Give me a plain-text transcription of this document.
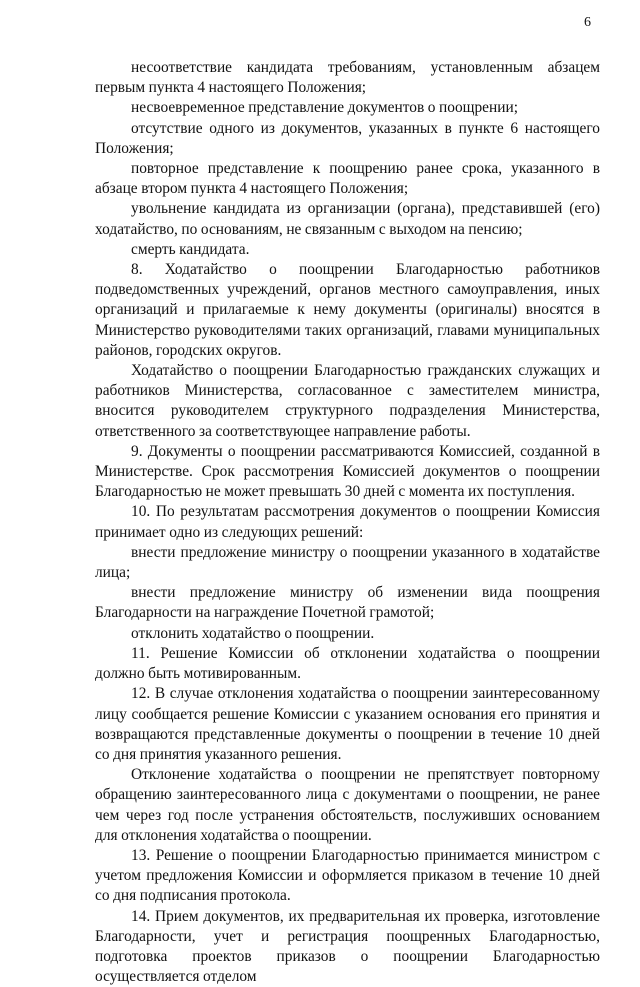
6

несоответствие кандидата требованиям, установленным абзацем первым пункта 4 настоящего Положения;

несвоевременное представление документов о поощрении;

отсутствие одного из документов, указанных в пункте 6 настоящего Положения;

повторное представление к поощрению ранее срока, указанного в абзаце втором пункта 4 настоящего Положения;

увольнение кандидата из организации (органа), представившей (его) ходатайство, по основаниям, не связанным с выходом на пенсию;

смерть кандидата.

8. Ходатайство о поощрении Благодарностью работников подведомственных учреждений, органов местного самоуправления, иных организаций и прилагаемые к нему документы (оригиналы) вносятся в Министерство руководителями таких организаций, главами муниципальных районов, городских округов.

Ходатайство о поощрении Благодарностью гражданских служащих и работников Министерства, согласованное с заместителем министра, вносится руководителем структурного подразделения Министерства, ответственного за соответствующее направление работы.

9. Документы о поощрении рассматриваются Комиссией, созданной в Министерстве. Срок рассмотрения Комиссией документов о поощрении Благодарностью не может превышать 30 дней с момента их поступления.

10. По результатам рассмотрения документов о поощрении Комиссия принимает одно из следующих решений:

внести предложение министру о поощрении указанного в ходатайстве лица;

внести предложение министру об изменении вида поощрения Благодарности на награждение Почетной грамотой;

отклонить ходатайство о поощрении.

11. Решение Комиссии об отклонении ходатайства о поощрении должно быть мотивированным.

12. В случае отклонения ходатайства о поощрении заинтересованному лицу сообщается решение Комиссии с указанием основания его принятия и возвращаются представленные документы о поощрении в течение 10 дней со дня принятия указанного решения.

Отклонение ходатайства о поощрении не препятствует повторному обращению заинтересованного лица с документами о поощрении, не ранее чем через год после устранения обстоятельств, послуживших основанием для отклонения ходатайства о поощрении.

13. Решение о поощрении Благодарностью принимается министром с учетом предложения Комиссии и оформляется приказом в течение 10 дней со дня подписания протокола.

14. Прием документов, их предварительная их проверка, изготовление Благодарности, учет и регистрация поощренных Благодарностью, подготовка проектов приказов о поощрении Благодарностью осуществляется отделом
